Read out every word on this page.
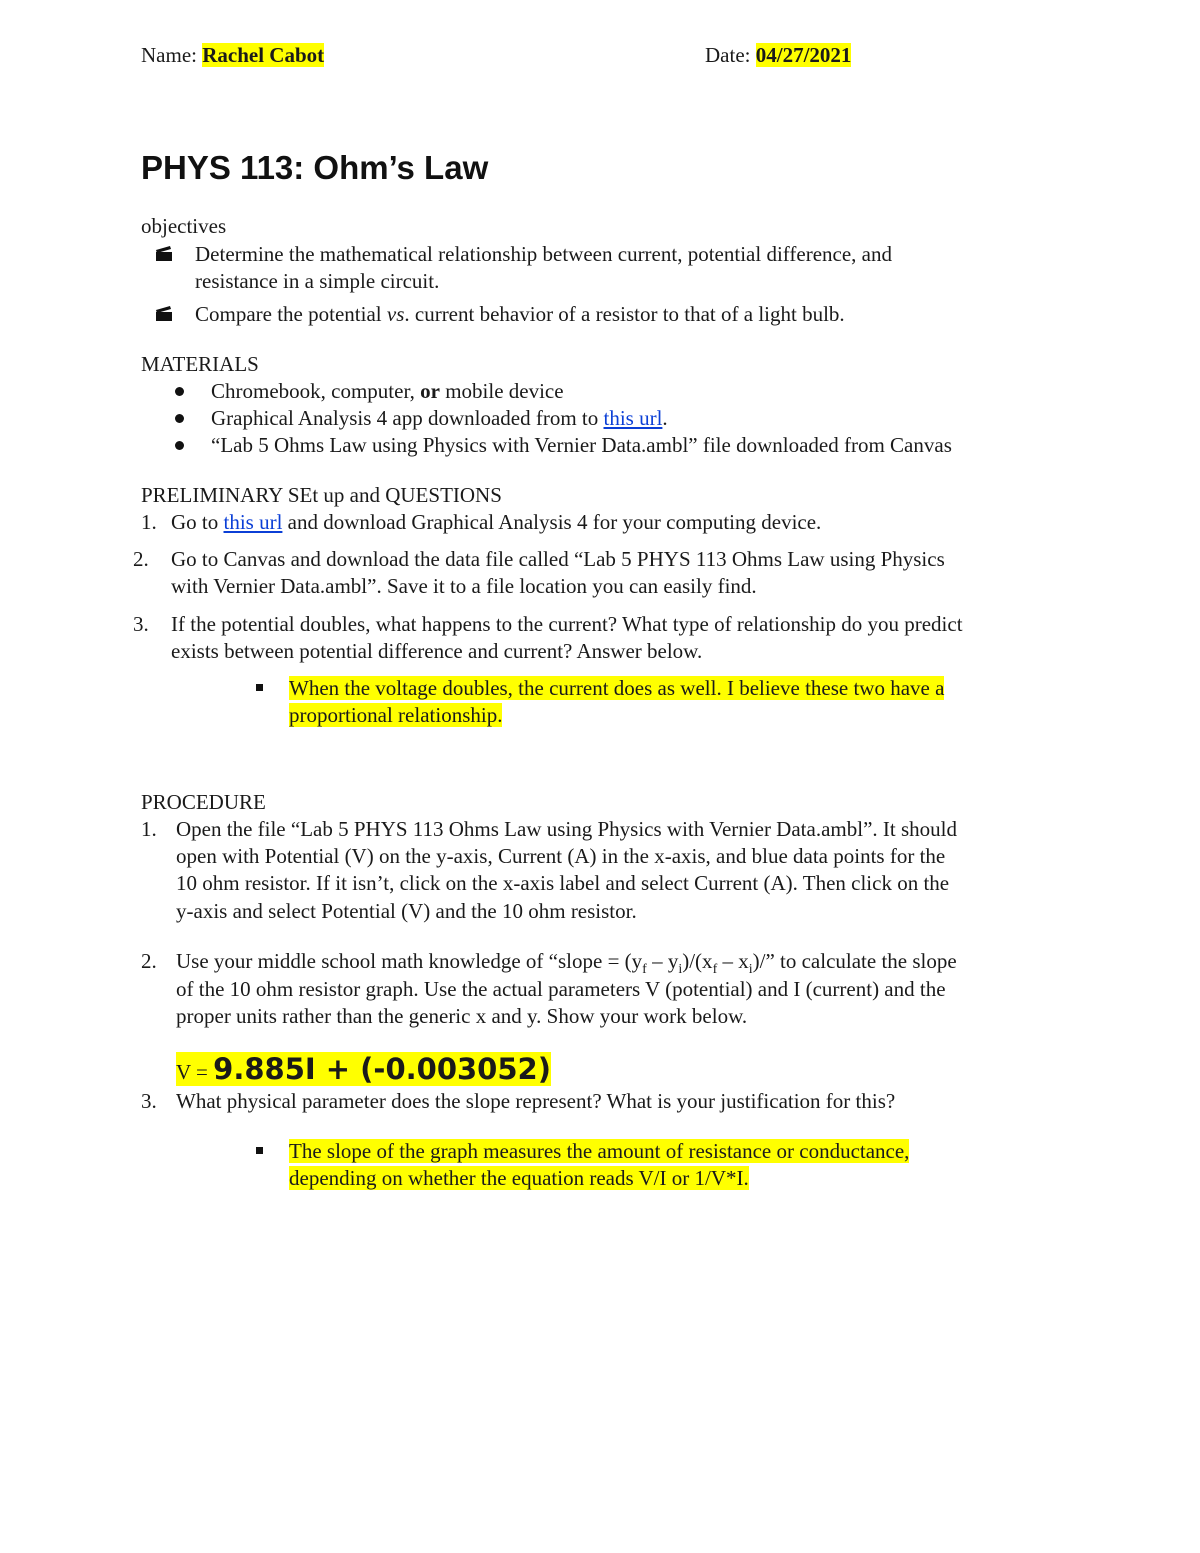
Name: Rachel Cabot	Date: 04/27/2021
PHYS 113: Ohm’s Law
objectives
Determine the mathematical relationship between current, potential difference, and
resistance in a simple circuit.
Compare the potential vs. current behavior of a resistor to that of a light bulb.
MATERIALS
Chromebook, computer, or mobile device
Graphical Analysis 4 app downloaded from to this url.
“Lab 5 Ohms Law using Physics with Vernier Data.ambl” file downloaded from Canvas
PRELIMINARY SEt up and QUESTIONS
1. Go to this url and download Graphical Analysis 4 for your computing device.
2. Go to Canvas and download the data file called “Lab 5 PHYS 113 Ohms Law using Physics
with Vernier Data.ambl”. Save it to a file location you can easily find.
3. If the potential doubles, what happens to the current? What type of relationship do you predict
exists between potential difference and current? Answer below.
When the voltage doubles, the current does as well. I believe these two have a
proportional relationship.
PROCEDURE
1. Open the file “Lab 5 PHYS 113 Ohms Law using Physics with Vernier Data.ambl”. It should
open with Potential (V) on the y-axis, Current (A) in the x-axis, and blue data points for the
10 ohm resistor. If it isn’t, click on the x-axis label and select Current (A). Then click on the
y-axis and select Potential (V) and the 10 ohm resistor.
2. Use your middle school math knowledge of “slope = $(y_f - y_i)/(x_f - x_i)/$” to calculate the slope
of the 10 ohm resistor graph. Use the actual parameters V (potential) and I (current) and the
proper units rather than the generic x and y. Show your work below.
V = 9.885I + (-0.003052)
3. What physical parameter does the slope represent? What is your justification for this?
The slope of the graph measures the amount of resistance or conductance,
depending on whether the equation reads V/I or 1/V*I.
